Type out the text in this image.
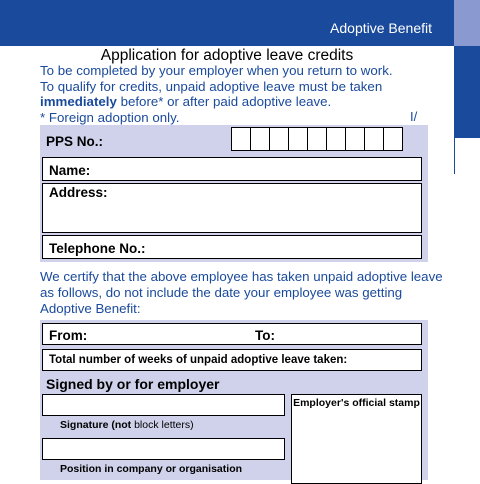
Adoptive Benefit
Application for adoptive leave credits

To be completed by your employer when you return to work.

To qualify for credits, unpaid adoptive leave must be taken

immediately before* or after paid adoptive leave.

* Foreign adoption only.	I/
PPS No.:
Name:
Address:
Telephone No.:
We certify that the above employee has taken unpaid adoptive leave as follows, do not include the date your employee was getting Adoptive Benefit:
From:	To:
Total number of weeks of unpaid adoptive leave taken:
Signed by or for employer
Signature (not block letters)
Position in company or organisation
Employer's official stamp
